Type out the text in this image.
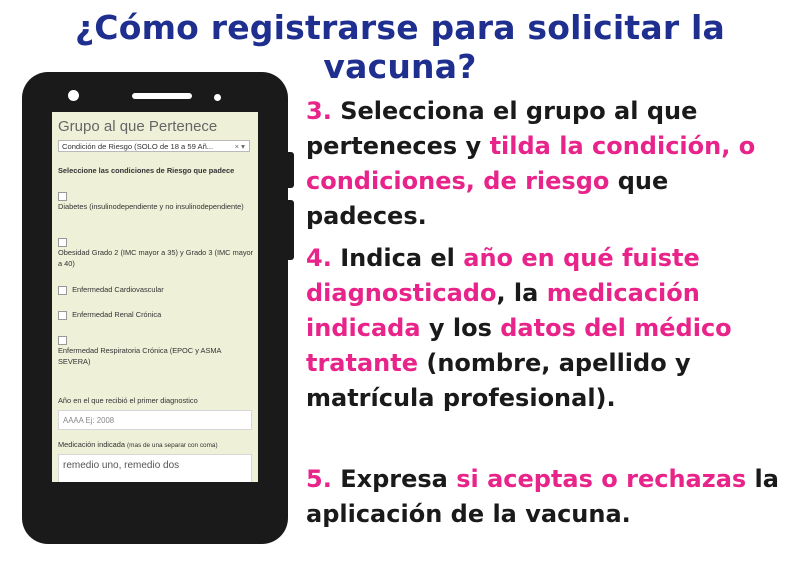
¿Cómo registrarse para solicitar la vacuna?
Grupo al que Pertenece
Condición de Riesgo (SOLO de 18 a 59 Añ...	× ▾
Seleccione las condiciones de Riesgo que padece

Diabetes (insulinodependiente y no insulinodependiente)

Obesidad Grado 2 (IMC mayor a 35) y Grado 3 (IMC mayor a 40)
Enfermedad Cardiovascular
Enfermedad Renal Crónica

Enfermedad Respiratoria Crónica (EPOC y ASMA SEVERA)
Año en el que recibió el primer diagnostico
AAAA Ej: 2008
Medicación indicada (mas de una separar con coma)
remedio uno, remedio dos
3. Selecciona el grupo al que perteneces y tilda la condición, o condiciones, de riesgo que padeces.
4. Indica el año en qué fuiste diagnosticado, la medicación indicada y los datos del médico tratante (nombre, apellido y matrícula profesional).
5. Expresa si aceptas o rechazas la aplicación de la vacuna.
